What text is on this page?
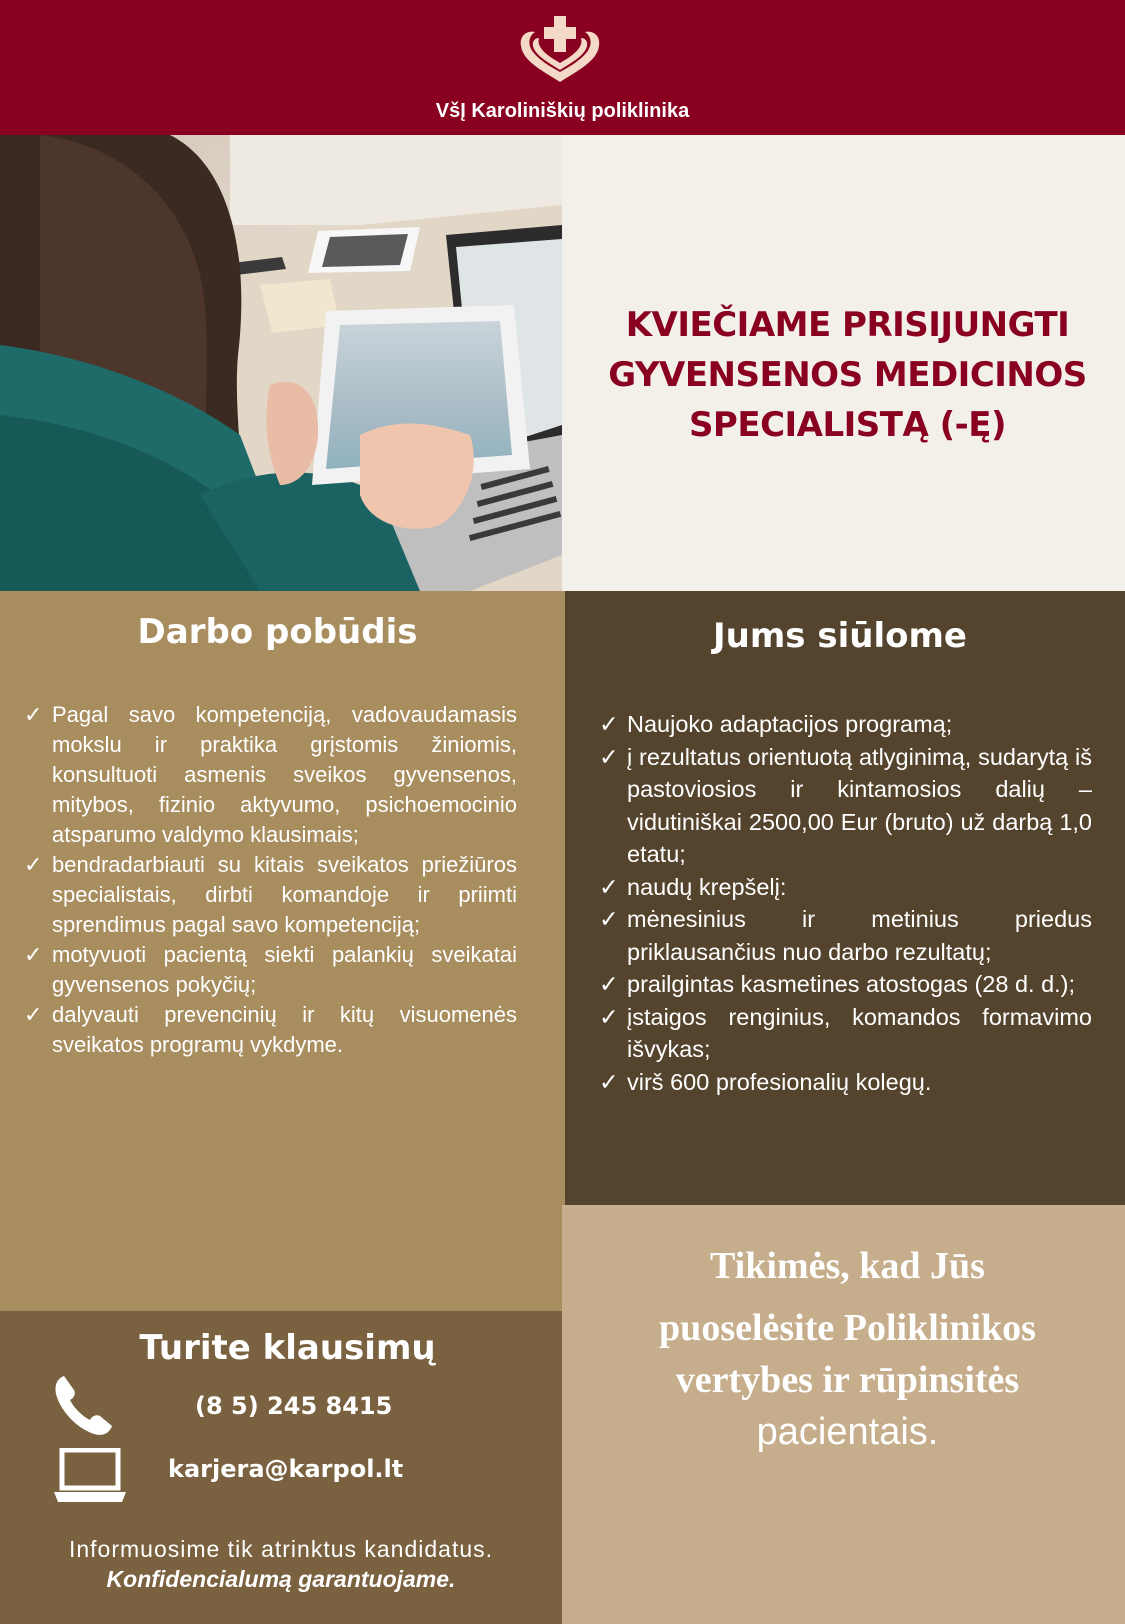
VšĮ Karoliniškių poliklinika
KVIEČIAME PRISIJUNGTI
GYVENSENOS MEDICINOS
SPECIALISTĄ (-Ę)
Darbo pobūdis
✓ Pagal savo kompetenciją, vadovaudamasis mokslu ir praktika grįstomis žiniomis, konsultuoti asmenis sveikos gyvensenos, mitybos, fizinio aktyvumo, psichoemocinio atsparumo valdymo klausimais;
✓ bendradarbiauti su kitais sveikatos priežiūros specialistais, dirbti komandoje ir priimti sprendimus pagal savo kompetenciją;
✓ motyvuoti pacientą siekti palankių sveikatai gyvensenos pokyčių;
✓ dalyvauti prevencinių ir kitų visuomenės sveikatos programų vykdyme.
Jums siūlome
✓ Naujoko adaptacijos programą;
✓ į rezultatus orientuotą atlyginimą, sudarytą iš pastoviosios ir kintamosios dalių – vidutiniškai 2500,00 Eur (bruto) už darbą 1,0 etatu;
✓ naudų krepšelį:
✓ mėnesinius ir metinius priedus priklausančius nuo darbo rezultatų;
✓ prailgintas kasmetines atostogas (28 d. d.);
✓ įstaigos renginius, komandos formavimo išvykas;
✓ virš 600 profesionalių kolegų.
Turite klausimų
(8 5) 245 8415
karjera@karpol.lt
Informuosime tik atrinktus kandidatus.
Konfidencialumą garantuojame.
Tikimės, kad Jūs
puoselėsite Poliklinikos
vertybes ir rūpinsitės
pacientais.
